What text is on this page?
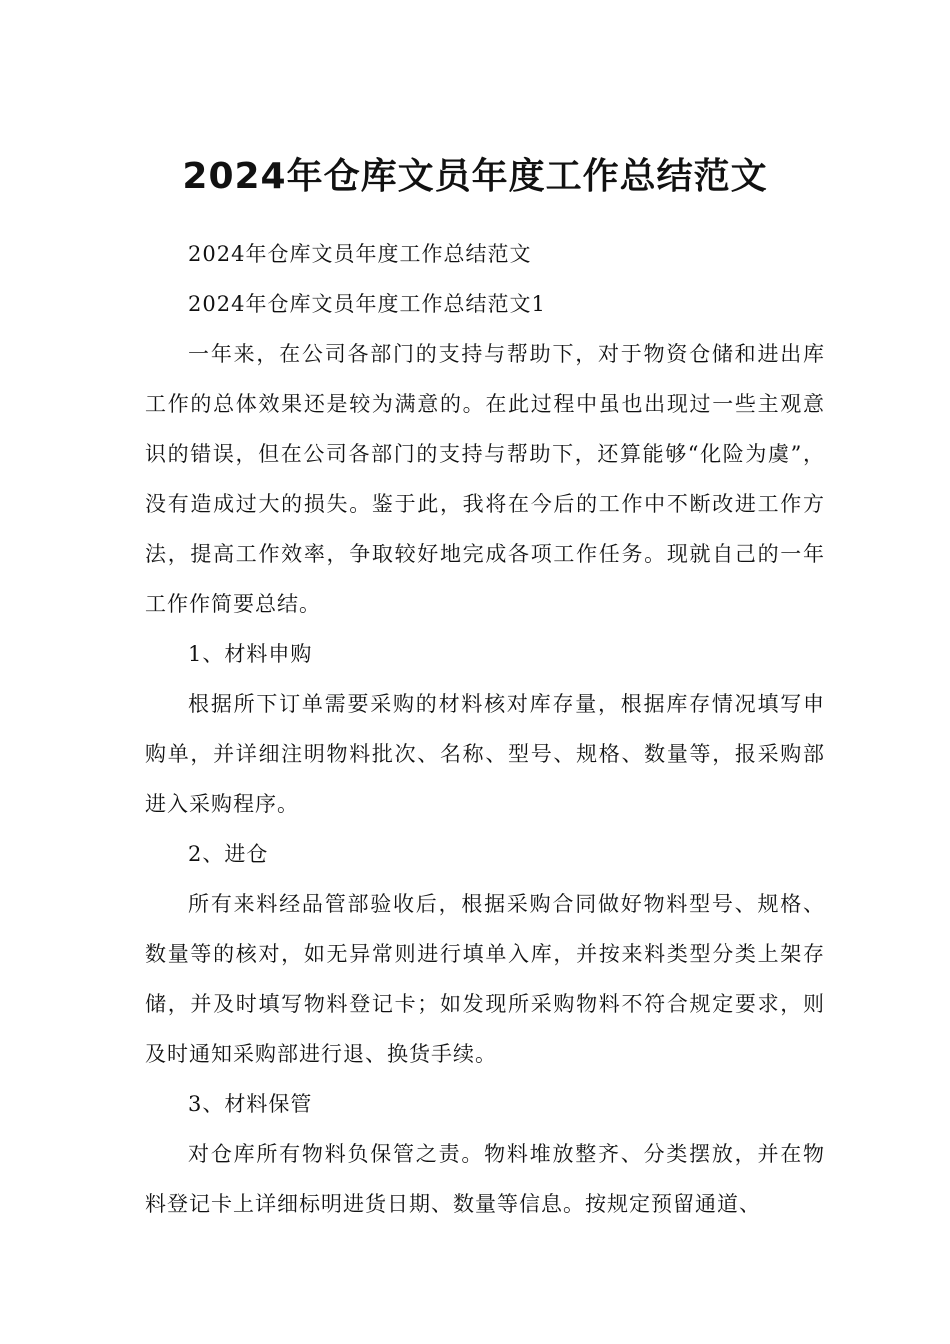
2024年仓库文员年度工作总结范文

2024年仓库文员年度工作总结范文

2024年仓库文员年度工作总结范文1

一年来，在公司各部门的支持与帮助下，对于物资仓储和进出库工作的总体效果还是较为满意的。在此过程中虽也出现过一些主观意识的错误，但在公司各部门的支持与帮助下，还算能够“化险为虞”，没有造成过大的损失。鉴于此，我将在今后的工作中不断改进工作方法，提高工作效率，争取较好地完成各项工作任务。现就自己的一年工作作简要总结。

1、材料申购

根据所下订单需要采购的材料核对库存量，根据库存情况填写申购单，并详细注明物料批次、名称、型号、规格、数量等，报采购部进入采购程序。

2、进仓

所有来料经品管部验收后，根据采购合同做好物料型号、规格、数量等的核对，如无异常则进行填单入库，并按来料类型分类上架存储，并及时填写物料登记卡；如发现所采购物料不符合规定要求，则及时通知采购部进行退、换货手续。

3、材料保管

对仓库所有物料负保管之责。物料堆放整齐、分类摆放，并在物料登记卡上详细标明进货日期、数量等信息。按规定预留通道、
